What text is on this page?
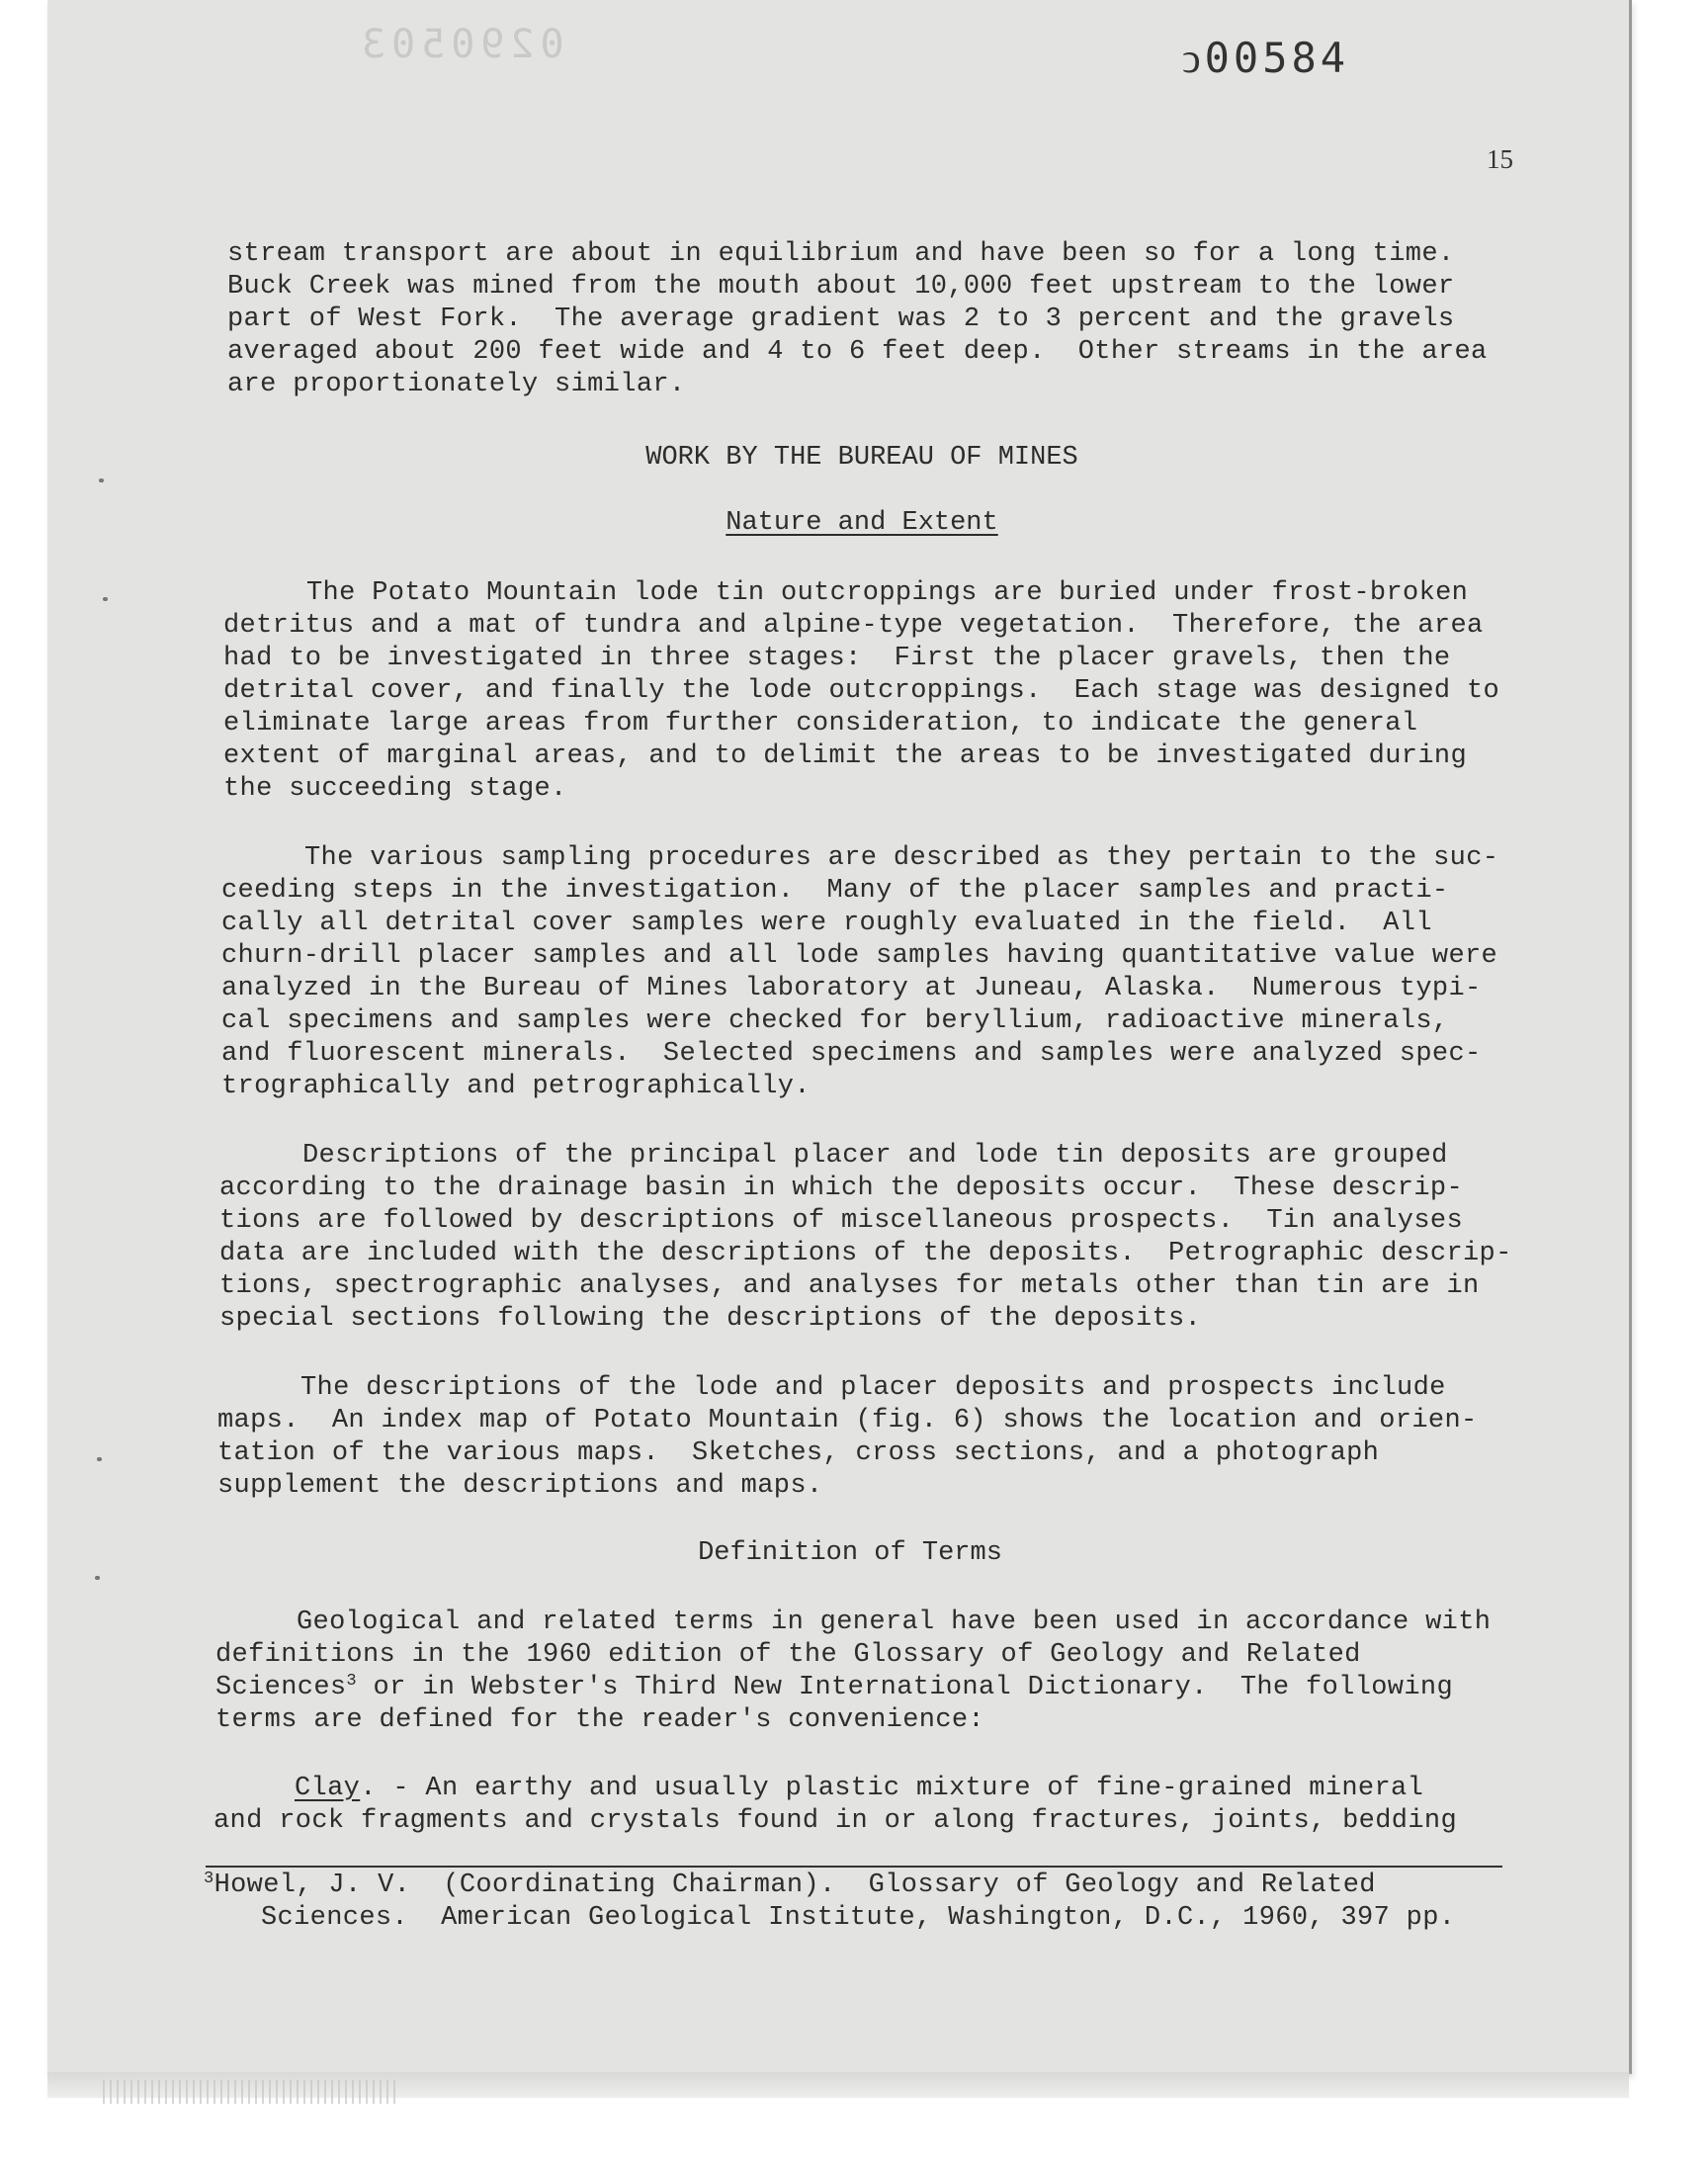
0290503	ↄ00584
15
stream transport are about in equilibrium and have been so for a long time.
Buck Creek was mined from the mouth about 10,000 feet upstream to the lower
part of West Fork.  The average gradient was 2 to 3 percent and the gravels
averaged about 200 feet wide and 4 to 6 feet deep.  Other streams in the area
are proportionately similar.
WORK BY THE BUREAU OF MINES
Nature and Extent
The Potato Mountain lode tin outcroppings are buried under frost-broken
detritus and a mat of tundra and alpine-type vegetation.  Therefore, the area
had to be investigated in three stages:  First the placer gravels, then the
detrital cover, and finally the lode outcroppings.  Each stage was designed to
eliminate large areas from further consideration, to indicate the general
extent of marginal areas, and to delimit the areas to be investigated during
the succeeding stage.
The various sampling procedures are described as they pertain to the suc-
ceeding steps in the investigation.  Many of the placer samples and practi-
cally all detrital cover samples were roughly evaluated in the field.  All
churn-drill placer samples and all lode samples having quantitative value were
analyzed in the Bureau of Mines laboratory at Juneau, Alaska.  Numerous typi-
cal specimens and samples were checked for beryllium, radioactive minerals,
and fluorescent minerals.  Selected specimens and samples were analyzed spec-
trographically and petrographically.
Descriptions of the principal placer and lode tin deposits are grouped
according to the drainage basin in which the deposits occur.  These descrip-
tions are followed by descriptions of miscellaneous prospects.  Tin analyses
data are included with the descriptions of the deposits.  Petrographic descrip-
tions, spectrographic analyses, and analyses for metals other than tin are in
special sections following the descriptions of the deposits.
The descriptions of the lode and placer deposits and prospects include
maps.  An index map of Potato Mountain (fig. 6) shows the location and orien-
tation of the various maps.  Sketches, cross sections, and a photograph
supplement the descriptions and maps.
Definition of Terms
Geological and related terms in general have been used in accordance with
definitions in the 1960 edition of the Glossary of Geology and Related
Sciences$^3$ or in Webster's Third New International Dictionary.  The following
terms are defined for the reader's convenience:
Clay. - An earthy and usually plastic mixture of fine-grained mineral
and rock fragments and crystals found in or along fractures, joints, bedding
$^3$Howel, J. V.  (Coordinating Chairman).  Glossary of Geology and Related
Sciences.  American Geological Institute, Washington, D.C., 1960, 397 pp.
